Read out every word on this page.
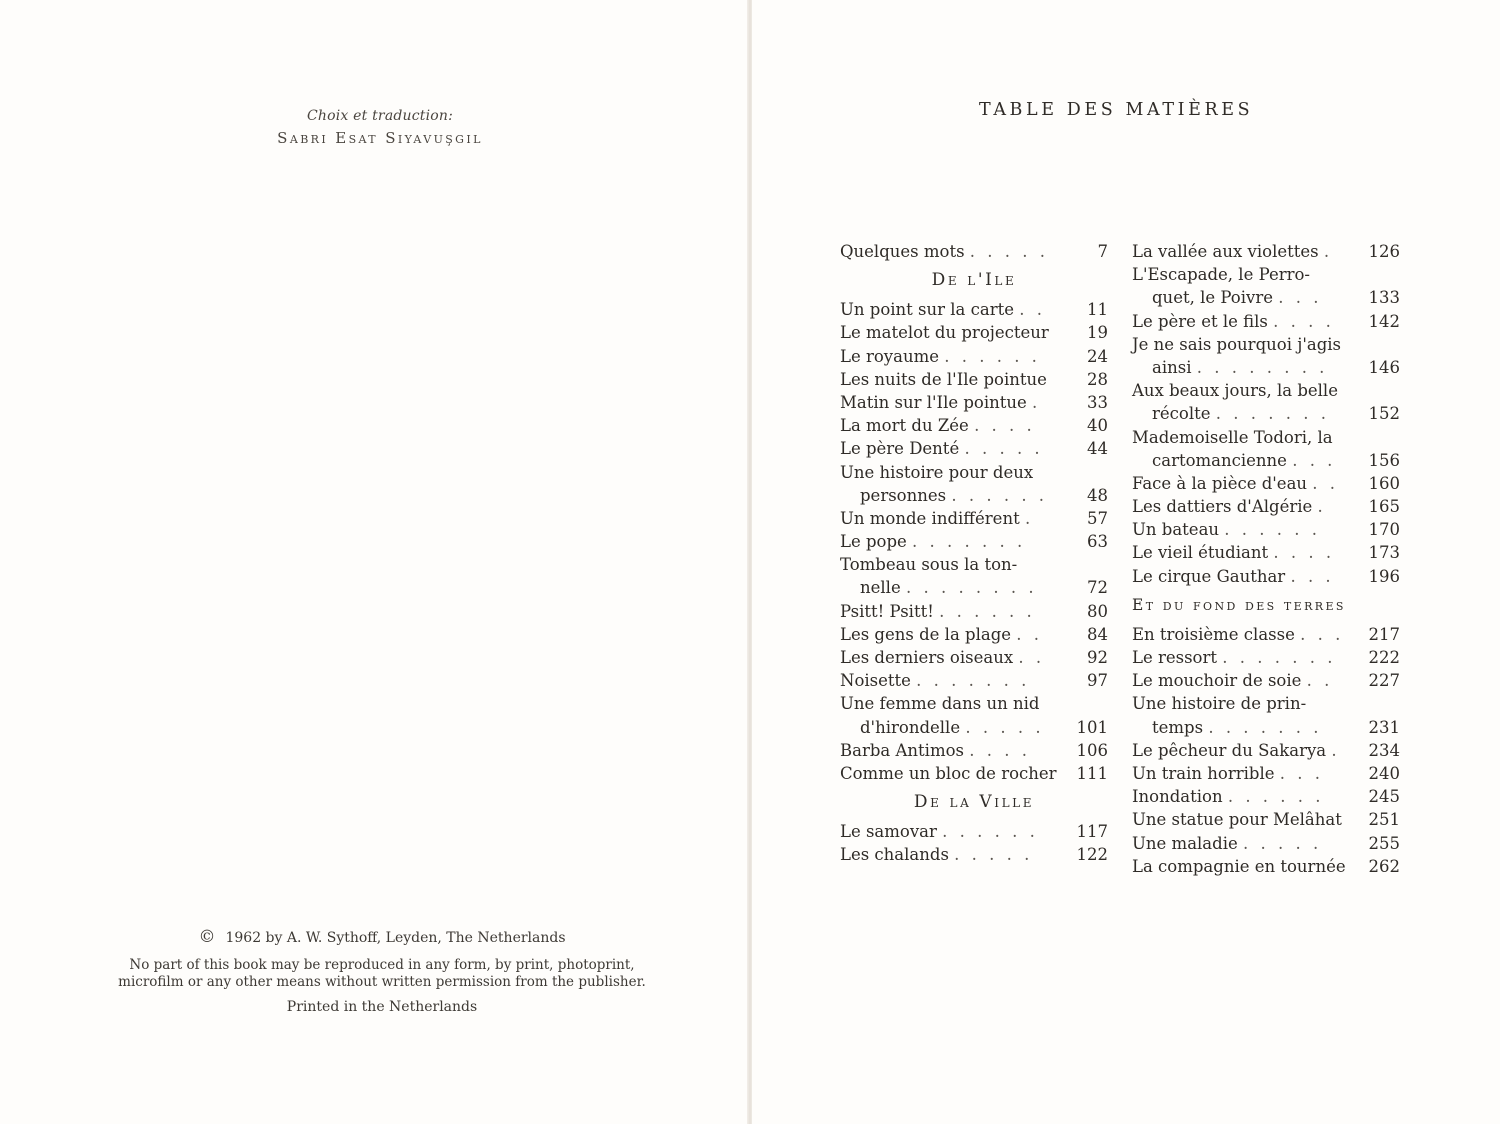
Choix et traduction:
Sabri Esat Siyavuşgil
© 1962 by A. W. Sythoff, Leyden, The Netherlands
No part of this book may be reproduced in any form, by print, photoprint,
microfilm or any other means without written permission from the publisher.
Printed in the Netherlands
TABLE DES MATIÈRES
Quelques mots . . . . .	7
De l'Ile
Un point sur la carte . .	11
Le matelot du projecteur 19
Le royaume . . . . . .	24
Les nuits de l'Ile pointue 28
Matin sur l'Ile pointue .	33
La mort du Zée . . . .	40
Le père Denté . . . . .	44
Une histoire pour deux
personnes . . . . . . 48
Un monde indifférent .	57
Le pope . . . . . . .	63
Tombeau sous la ton-
nelle . . . . . . . .	72
Psitt! Psitt! . . . . . .	80
Les gens de la plage . .	84
Les derniers oiseaux . .	92
Noisette . . . . . . .	97
Une femme dans un nid
d'hirondelle . . . . . 101
Barba Antimos . . . .	106
Comme un bloc de rocher 111
De la Ville
Le samovar . . . . . . 117
Les chalands . . . . .	122
La vallée aux violettes . 126
L'Escapade, le Perro-
quet, le Poivre . . .	133
Le père et le fils . . . . 142
Je ne sais pourquoi j'agis
ainsi . . . . . . . . 146
Aux beaux jours, la belle
récolte . . . . . . . 152
Mademoiselle Todori, la
cartomancienne . . . 156
Face à la pièce d'eau . . 160
Les dattiers d'Algérie .	165
Un bateau . . . . . .	170
Le vieil étudiant . . . . 173
Le cirque Gauthar . . . 196
Et du fond des terres
En troisième classe . . . 217
Le ressort . . . . . . . 222
Le mouchoir de soie . . 227
Une histoire de prin-
temps . . . . . . .	231
Le pêcheur du Sakarya . 234
Un train horrible . . .	240
Inondation . . . . . .	245
Une statue pour Melâhat 251
Une maladie . . . . .	255
La compagnie en tournée 262
